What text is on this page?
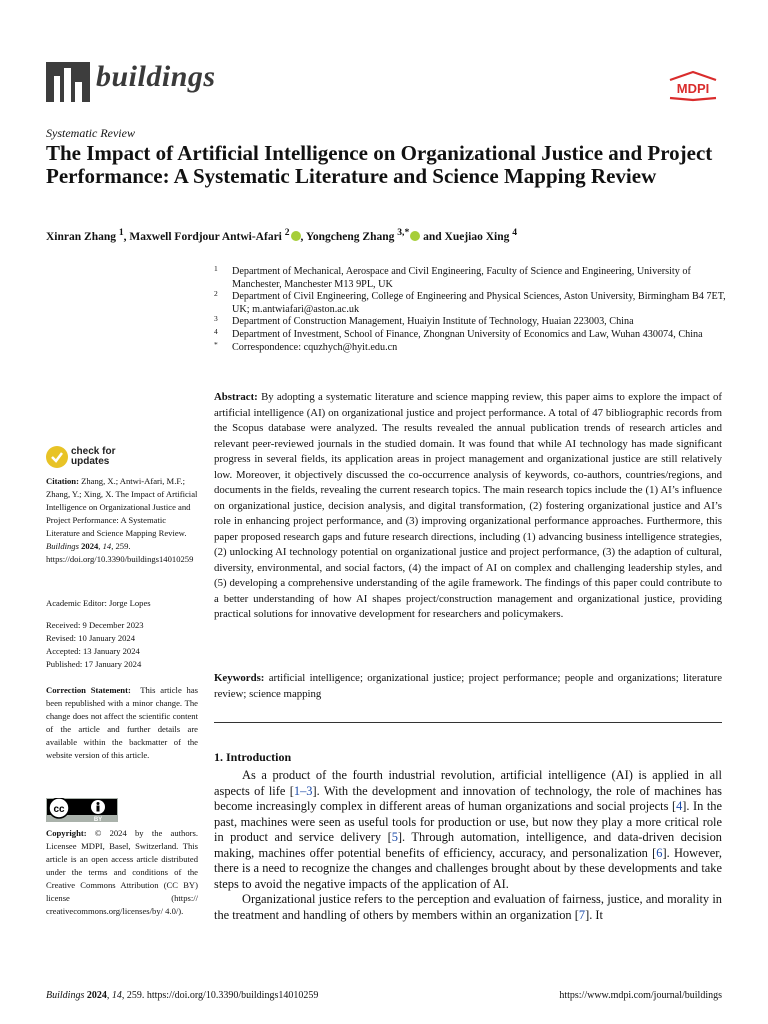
buildings	MDPI
Systematic Review
The Impact of Artificial Intelligence on Organizational Justice and Project Performance: A Systematic Literature and Science Mapping Review
Xinran Zhang $^1$, Maxwell Fordjour Antwi-Afari $^2$ , Yongcheng Zhang $^{3,*}$ and Xuejiao Xing $^4$
1 Department of Mechanical, Aerospace and Civil Engineering, Faculty of Science and Engineering, University of Manchester, Manchester M13 9PL, UK
2 Department of Civil Engineering, College of Engineering and Physical Sciences, Aston University, Birmingham B4 7ET, UK; m.antwiafari@aston.ac.uk
3 Department of Construction Management, Huaiyin Institute of Technology, Huaian 223003, China
4 Department of Investment, School of Finance, Zhongnan University of Economics and Law, Wuhan 430074, China
* Correspondence: cquzhych@hyit.edu.cn
Abstract: By adopting a systematic literature and science mapping review, this paper aims to explore the impact of artificial intelligence (AI) on organizational justice and project performance. A total of 47 bibliographic records from the Scopus database were analyzed. The results revealed the annual publication trends of research articles and relevant peer-reviewed journals in the studied domain. It was found that while AI technology has made significant progress in several fields, its application areas in project management and organizational justice are still relatively low. Moreover, it objectively discussed the co-occurrence analysis of keywords, co-authors, countries/regions, and documents in the fields, revealing the current research topics. The main research topics include the (1) AI’s influence on organizational justice, decision analysis, and digital transformation, (2) fostering organizational justice and AI’s role in enhancing project performance, and (3) improving organizational performance approaches. Furthermore, this paper proposed research gaps and future research directions, including (1) advancing business intelligence strategies, (2) unlocking AI technology potential on organizational justice and project performance, (3) the adaption of cultural, diversity, environmental, and social factors, (4) the impact of AI on complex and challenging leadership styles, and (5) developing a comprehensive understanding of the agile framework. The findings of this paper could contribute to a better understanding of how AI shapes project/construction management and organizational justice, providing practical solutions for innovative development for researchers and policymakers.
Keywords: artificial intelligence; organizational justice; project performance; people and organizations; literature review; science mapping
check for
updates
Citation: Zhang, X.; Antwi-Afari, M.F.; Zhang, Y.; Xing, X. The Impact of Artificial Intelligence on Organizational Justice and Project Performance: A Systematic Literature and Science Mapping Review. Buildings 2024, 14, 259. https://doi.org/10.3390/buildings14010259
Academic Editor: Jorge Lopes
Received: 9 December 2023
Revised: 10 January 2024
Accepted: 13 January 2024
Published: 17 January 2024
Correction Statement: This article has been republished with a minor change. The change does not affect the scientific content of the article and further details are available within the backmatter of the website version of this article.
cc
BY
Copyright: © 2024 by the authors. Licensee MDPI, Basel, Switzerland. This article is an open access article distributed under the terms and conditions of the Creative Commons Attribution (CC BY) license (https:// creativecommons.org/licenses/by/ 4.0/).
1. Introduction

As a product of the fourth industrial revolution, artificial intelligence (AI) is applied in all aspects of life [1–3]. With the development and innovation of technology, the role of machines has become increasingly complex in different areas of human organizations and social projects [4]. In the past, machines were seen as useful tools for production or use, but now they play a more critical role in product and service delivery [5]. Through automation, intelligence, and data-driven decision making, machines offer potential benefits of efficiency, accuracy, and personalization [6]. However, there is a need to recognize the changes and challenges brought about by these developments and take steps to avoid the negative impacts of the application of AI.

Organizational justice refers to the perception and evaluation of fairness, justice, and morality in the treatment and handling of others by members within an organization [7]. It

Buildings 2024, 14, 259. https://doi.org/10.3390/buildings14010259	https://www.mdpi.com/journal/buildings
